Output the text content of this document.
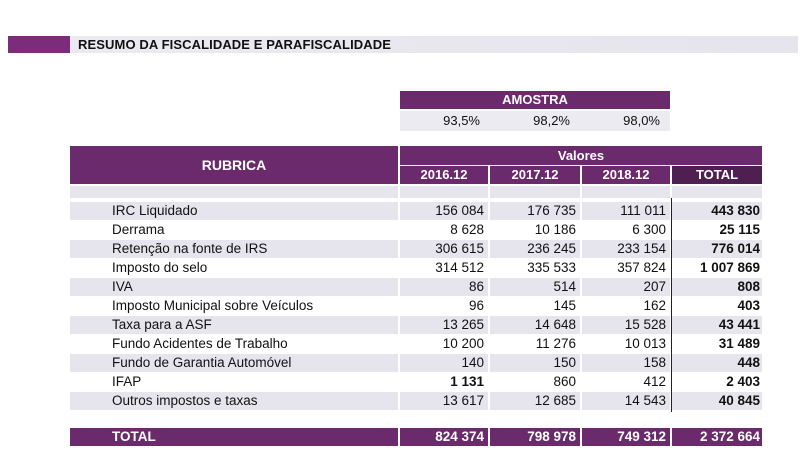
RESUMO DA FISCALIDADE E PARAFISCALIDADE
AMOSTRA
93,5%	98,2%	98,0%
RUBRICA
Valores
2016.12	2017.12	2018.12	TOTAL
IRC Liquidado	156 084	176 735	111 011	443 830
Derrama	8 628	10 186	6 300	25 115
Retenção na fonte de IRS	306 615	236 245	233 154	776 014
Imposto do selo	314 512	335 533	357 824	1 007 869
IVA	86	514	207	808
Imposto Municipal sobre Veículos	96	145	162	403
Taxa para a ASF	13 265	14 648	15 528	43 441
Fundo Acidentes de Trabalho	10 200	11 276	10 013	31 489
Fundo de Garantia Automóvel	140	150	158	448
IFAP	1 131	860	412	2 403
Outros impostos e taxas	13 617	12 685	14 543	40 845
TOTAL	824 374	798 978	749 312	2 372 664
